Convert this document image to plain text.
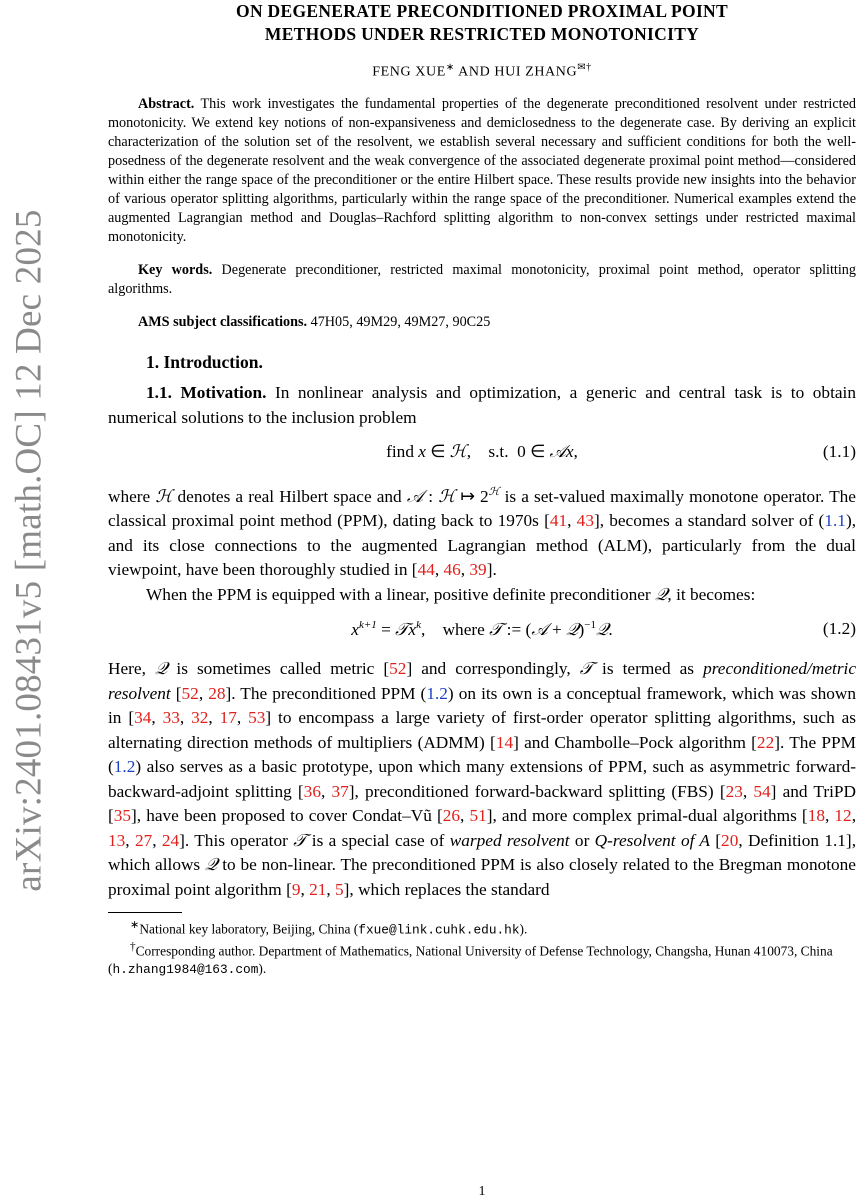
arXiv:2401.08431v5 [math.OC] 12 Dec 2025
ON DEGENERATE PRECONDITIONED PROXIMAL POINT
METHODS UNDER RESTRICTED MONOTONICITY
FENG XUE∗ AND HUI ZHANG✉†

Abstract. This work investigates the fundamental properties of the degenerate preconditioned resolvent under restricted monotonicity. We extend key notions of non-expansiveness and demiclosedness to the degenerate case. By deriving an explicit characterization of the solution set of the resolvent, we establish several necessary and sufficient conditions for both the well-posedness of the degenerate resolvent and the weak convergence of the associated degenerate proximal point method—considered within either the range space of the preconditioner or the entire Hilbert space. These results provide new insights into the behavior of various operator splitting algorithms, particularly within the range space of the preconditioner. Numerical examples extend the augmented Lagrangian method and Douglas–Rachford splitting algorithm to non-convex settings under restricted maximal monotonicity.

Key words. Degenerate preconditioner, restricted maximal monotonicity, proximal point method, operator splitting algorithms.

AMS subject classifications. 47H05, 49M29, 49M27, 90C25

1. Introduction.

1.1. Motivation. In nonlinear analysis and optimization, a generic and central task is to obtain numerical solutions to the inclusion problem

find x ∈ ℋ,    s.t.  0 ∈ 𝒜x,	(1.1)

where ℋ denotes a real Hilbert space and 𝒜 : ℋ ↦ $2^ℋ$ is a set-valued maximally monotone operator. The classical proximal point method (PPM), dating back to 1970s [41, 43], becomes a standard solver of (1.1), and its close connections to the augmented Lagrangian method (ALM), particularly from the dual viewpoint, have been thoroughly studied in [44, 46, 39].

When the PPM is equipped with a linear, positive definite preconditioner 𝒬, it becomes:

$x^{k+1}$ = 𝒯x$^k$,    where 𝒯 := (𝒜 + 𝒬)$^{-1}$𝒬.	(1.2)

Here, 𝒬 is sometimes called metric [52] and correspondingly, 𝒯 is termed as preconditioned/metric resolvent [52, 28]. The preconditioned PPM (1.2) on its own is a conceptual framework, which was shown in [34, 33, 32, 17, 53] to encompass a large variety of first-order operator splitting algorithms, such as alternating direction methods of multipliers (ADMM) [14] and Chambolle–Pock algorithm [22]. The PPM (1.2) also serves as a basic prototype, upon which many extensions of PPM, such as asymmetric forward-backward-adjoint splitting [36, 37], preconditioned forward-backward splitting (FBS) [23, 54] and TriPD [35], have been proposed to cover Condat–Vũ [26, 51], and more complex primal-dual algorithms [18, 12, 13, 27, 24]. This operator 𝒯 is a special case of warped resolvent or Q-resolvent of A [20, Definition 1.1], which allows 𝒬 to be non-linear. The preconditioned PPM is also closely related to the Bregman monotone proximal point algorithm [9, 21, 5], which replaces the standard

∗National key laboratory, Beijing, China (fxue@link.cuhk.edu.hk).

†Corresponding author. Department of Mathematics, National University of Defense Technology, Changsha, Hunan 410073, China (h.zhang1984@163.com).

1
